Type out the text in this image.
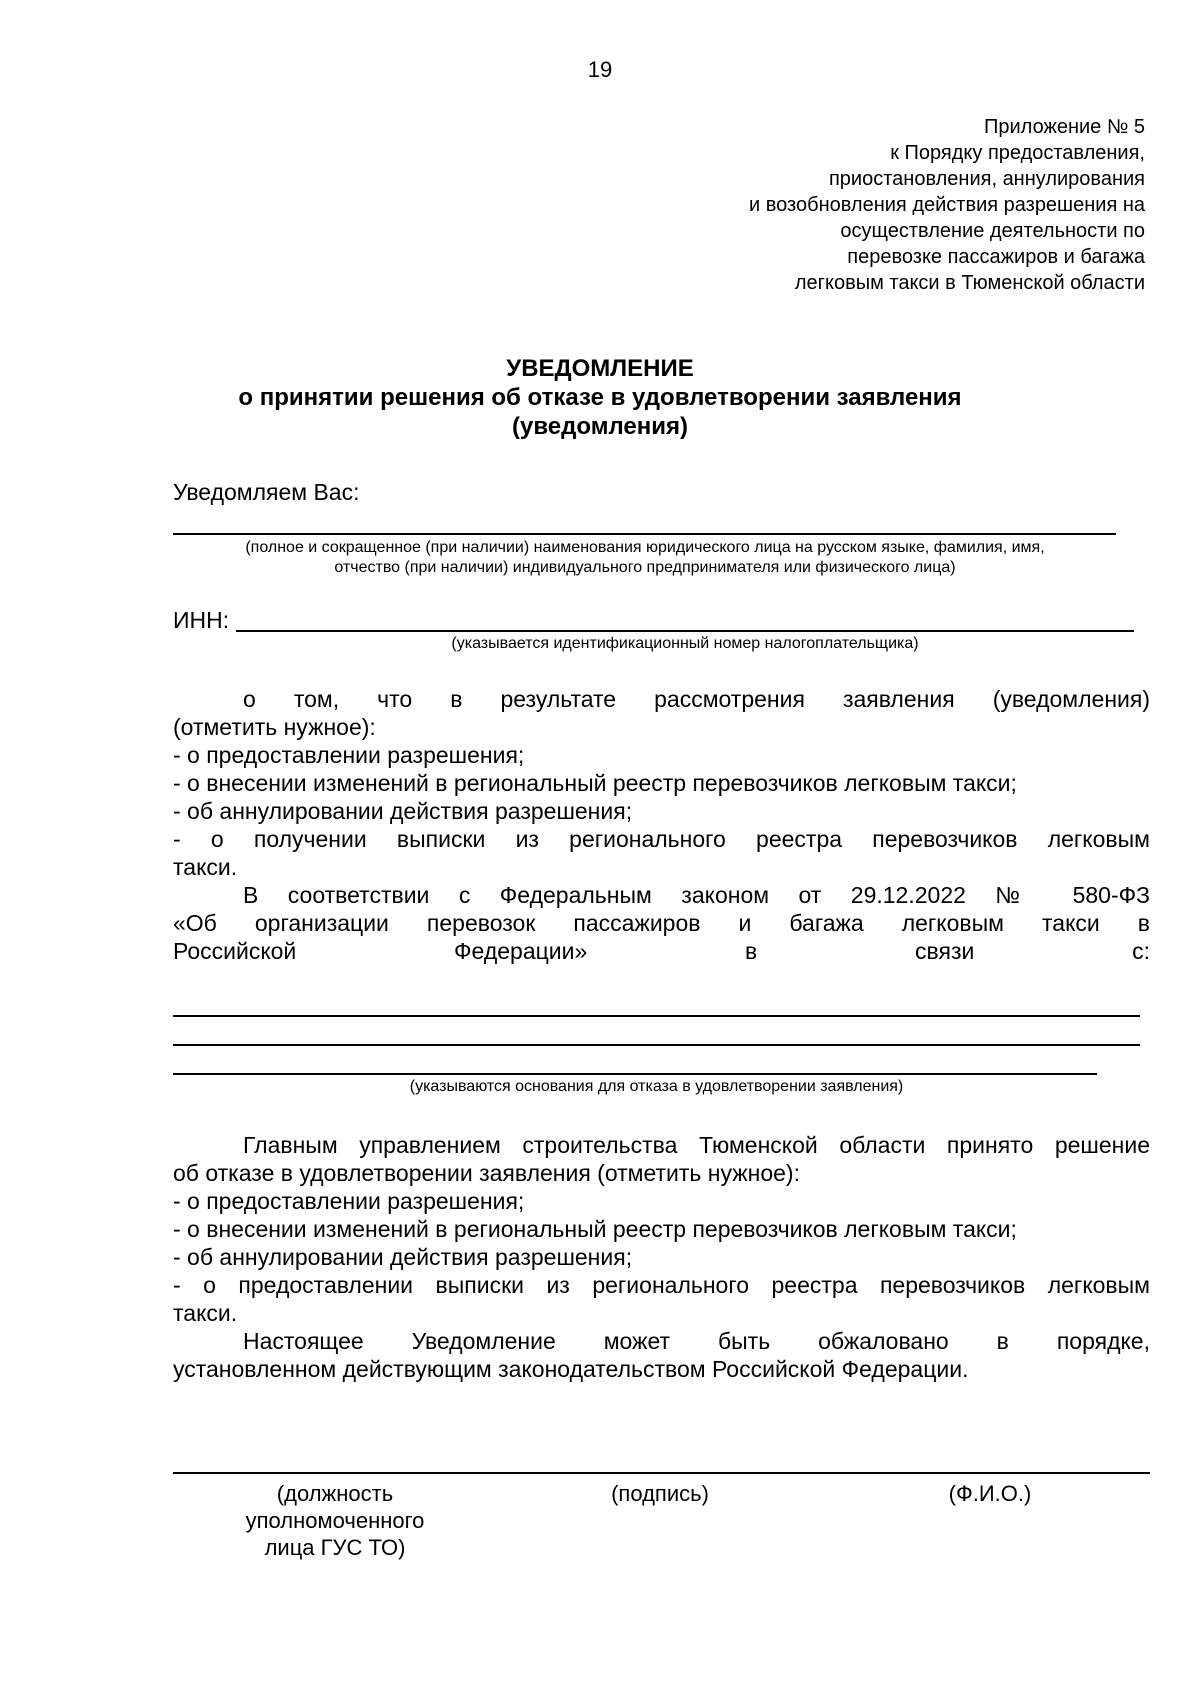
19
Приложение № 5
к Порядку предоставления,
приостановления, аннулирования
и возобновления действия разрешения на
осуществление деятельности по
перевозке пассажиров и багажа
легковым такси в Тюменской области
УВЕДОМЛЕНИЕ
о принятии решения об отказе в удовлетворении заявления
(уведомления)
Уведомляем Вас:
(полное и сокращенное (при наличии) наименования юридического лица на русском языке, фамилия, имя,
отчество (при наличии) индивидуального предпринимателя или физического лица)
ИНН:
(указывается идентификационный номер налогоплательщика)
о том, что в результате рассмотрения заявления (уведомления)
(отметить нужное):
- о предоставлении разрешения;
- о внесении изменений в региональный реестр перевозчиков легковым такси;
- об аннулировании действия разрешения;
- о получении выписки из регионального реестра перевозчиков легковым
такси.
В соответствии с Федеральным законом от 29.12.2022 № 580-ФЗ
«Об организации перевозок пассажиров и багажа легковым такси в
Российской Федерации» в связи с:
(указываются основания для отказа в удовлетворении заявления)
Главным управлением строительства Тюменской области принято решение
об отказе в удовлетворении заявления (отметить нужное):
- о предоставлении разрешения;
- о внесении изменений в региональный реестр перевозчиков легковым такси;
- об аннулировании действия разрешения;
- о предоставлении выписки из регионального реестра перевозчиков легковым
такси.
Настоящее Уведомление может быть обжаловано в порядке,
установленном действующим законодательством Российской Федерации.
(должность
уполномоченного
лица ГУС ТО)
(подпись)	(Ф.И.О.)
